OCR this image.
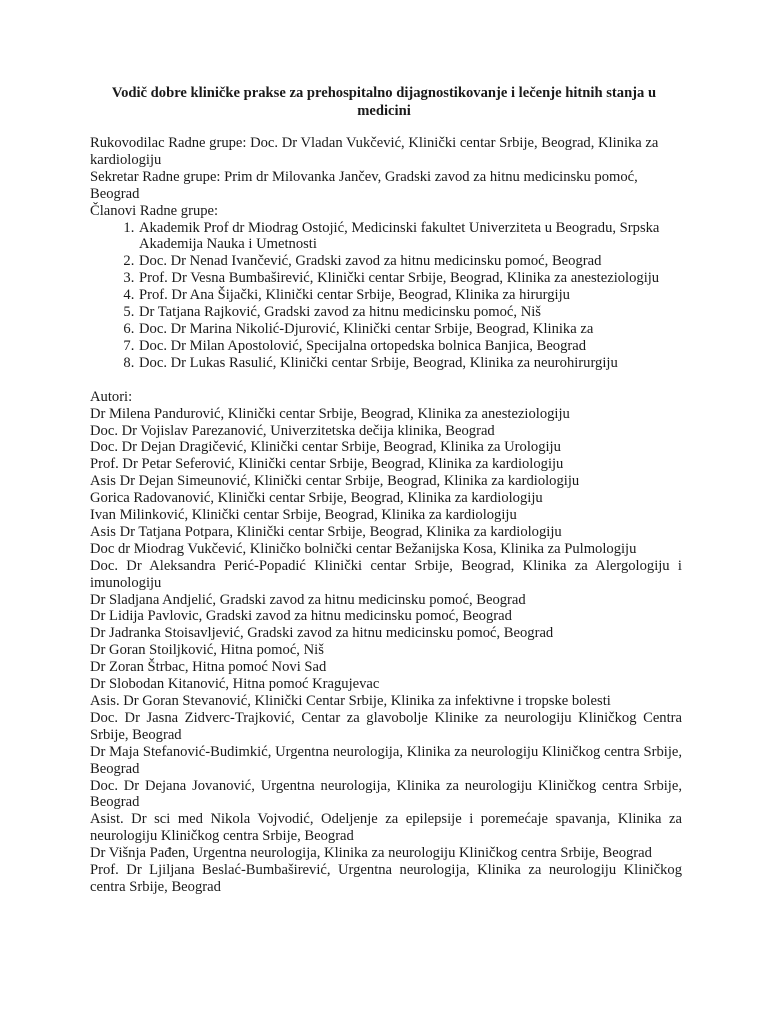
Vodič dobre kliničke prakse za prehospitalno dijagnostikovanje i lečenje hitnih stanja u medicini

Rukovodilac Radne grupe: Doc. Dr Vladan Vukčević, Klinički centar Srbije, Beograd, Klinika za kardiologiju

Sekretar Radne grupe: Prim dr Milovanka Jančev, Gradski zavod za hitnu medicinsku pomoć, Beograd

Članovi Radne grupe:

1. Akademik Prof dr Miodrag Ostojić, Medicinski fakultet Univerziteta u Beogradu, Srpska Akademija Nauka i Umetnosti
2. Doc. Dr Nenad Ivančević, Gradski zavod za hitnu medicinsku pomoć, Beograd
3. Prof. Dr Vesna Bumbaširević, Klinički centar Srbije, Beograd, Klinika za anesteziologiju
4. Prof. Dr Ana Šijački, Klinički centar Srbije, Beograd, Klinika za hirurgiju
5. Dr Tatjana Rajković, Gradski zavod za hitnu medicinsku pomoć, Niš
6. Doc. Dr Marina Nikolić-Djurović, Klinički centar Srbije, Beograd, Klinika za
7. Doc. Dr Milan Apostolović, Specijalna ortopedska bolnica Banjica, Beograd
8. Doc. Dr Lukas Rasulić, Klinički centar Srbije, Beograd, Klinika za neurohirurgiju

Autori:

Dr Milena Pandurović, Klinički centar Srbije, Beograd, Klinika za anesteziologiju

Doc. Dr Vojislav Parezanović, Univerzitetska dečija klinika, Beograd

Doc. Dr Dejan Dragičević, Klinički centar Srbije, Beograd, Klinika za Urologiju

Prof. Dr Petar Seferović, Klinički centar Srbije, Beograd, Klinika za kardiologiju

Asis Dr Dejan Simeunović, Klinički centar Srbije, Beograd, Klinika za kardiologiju

Gorica Radovanović, Klinički centar Srbije, Beograd, Klinika za kardiologiju

Ivan Milinković, Klinički centar Srbije, Beograd, Klinika za kardiologiju

Asis Dr Tatjana Potpara, Klinički centar Srbije, Beograd, Klinika za kardiologiju

Doc dr Miodrag Vukčević, Kliničko bolnički centar Bežanijska Kosa, Klinika za Pulmologiju

Doc. Dr Aleksandra Perić-Popadić Klinički centar Srbije, Beograd, Klinika za Alergologiju i imunologiju

Dr Sladjana Andjelić, Gradski zavod za hitnu medicinsku pomoć, Beograd

Dr Lidija Pavlovic, Gradski zavod za hitnu medicinsku pomoć, Beograd

Dr Jadranka Stoisavljević, Gradski zavod za hitnu medicinsku pomoć, Beograd

Dr Goran Stoiljković, Hitna pomoć, Niš

Dr Zoran Štrbac, Hitna pomoć Novi Sad

Dr Slobodan Kitanović, Hitna pomoć Kragujevac

Asis. Dr Goran Stevanović, Klinički Centar Srbije, Klinika za infektivne i tropske bolesti

Doc. Dr Jasna Zidverc-Trajković, Centar za glavobolje Klinike za neurologiju Kliničkog Centra Srbije, Beograd

Dr Maja Stefanović-Budimkić, Urgentna neurologija, Klinika za neurologiju Kliničkog centra Srbije, Beograd

Doc. Dr Dejana Jovanović, Urgentna neurologija, Klinika za neurologiju Kliničkog centra Srbije, Beograd

Asist. Dr sci med Nikola Vojvodić, Odeljenje za epilepsije i poremećaje spavanja, Klinika za neurologiju Kliničkog centra Srbije, Beograd

Dr Višnja Pađen, Urgentna neurologija, Klinika za neurologiju Kliničkog centra Srbije, Beograd

Prof. Dr Ljiljana Beslać-Bumbaširević, Urgentna neurologija, Klinika za neurologiju Kliničkog centra Srbije, Beograd
